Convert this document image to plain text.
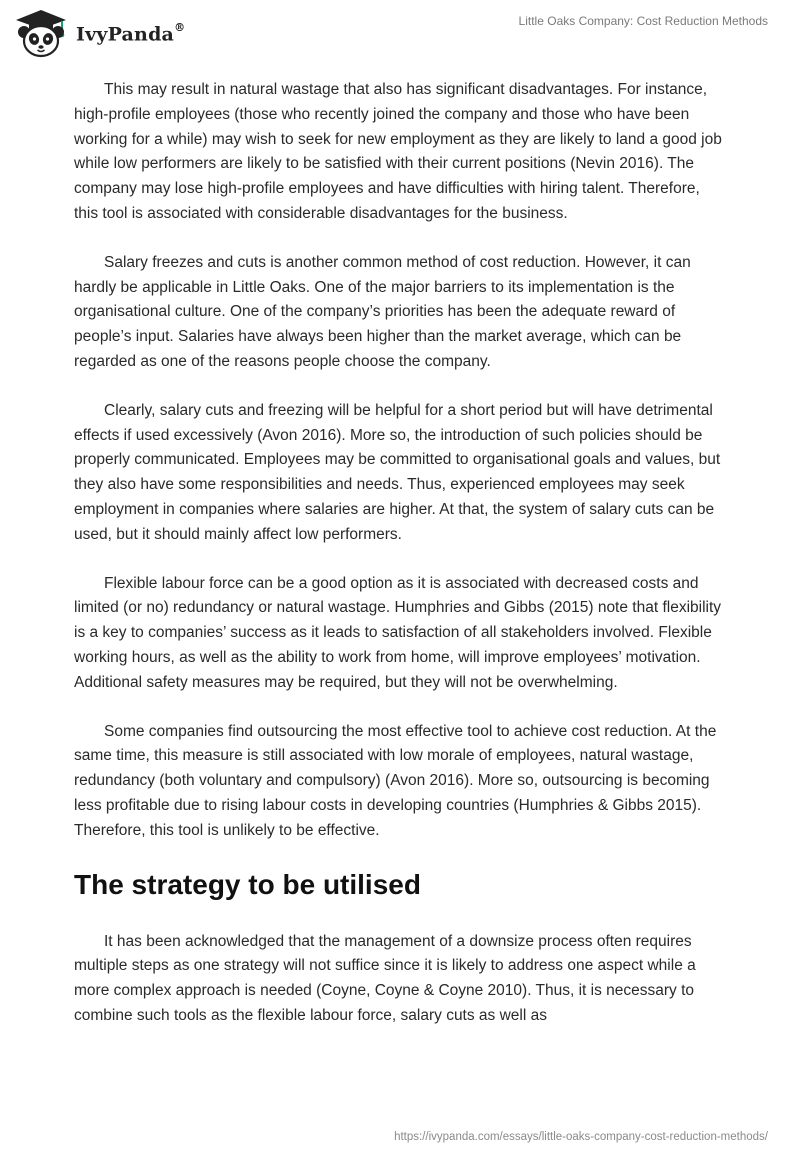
IvyPanda®	Little Oaks Company: Cost Reduction Methods

This may result in natural wastage that also has significant disadvantages. For instance, high-profile employees (those who recently joined the company and those who have been working for a while) may wish to seek for new employment as they are likely to land a good job while low performers are likely to be satisfied with their current positions (Nevin 2016). The company may lose high-profile employees and have difficulties with hiring talent. Therefore, this tool is associated with considerable disadvantages for the business.

Salary freezes and cuts is another common method of cost reduction. However, it can hardly be applicable in Little Oaks. One of the major barriers to its implementation is the organisational culture. One of the company’s priorities has been the adequate reward of people’s input. Salaries have always been higher than the market average, which can be regarded as one of the reasons people choose the company.

Clearly, salary cuts and freezing will be helpful for a short period but will have detrimental effects if used excessively (Avon 2016). More so, the introduction of such policies should be properly communicated. Employees may be committed to organisational goals and values, but they also have some responsibilities and needs. Thus, experienced employees may seek employment in companies where salaries are higher. At that, the system of salary cuts can be used, but it should mainly affect low performers.

Flexible labour force can be a good option as it is associated with decreased costs and limited (or no) redundancy or natural wastage. Humphries and Gibbs (2015) note that flexibility is a key to companies’ success as it leads to satisfaction of all stakeholders involved. Flexible working hours, as well as the ability to work from home, will improve employees’ motivation. Additional safety measures may be required, but they will not be overwhelming.

Some companies find outsourcing the most effective tool to achieve cost reduction. At the same time, this measure is still associated with low morale of employees, natural wastage, redundancy (both voluntary and compulsory) (Avon 2016). More so, outsourcing is becoming less profitable due to rising labour costs in developing countries (Humphries & Gibbs 2015). Therefore, this tool is unlikely to be effective.

The strategy to be utilised

It has been acknowledged that the management of a downsize process often requires multiple steps as one strategy will not suffice since it is likely to address one aspect while a more complex approach is needed (Coyne, Coyne & Coyne 2010). Thus, it is necessary to combine such tools as the flexible labour force, salary cuts as well as

https://ivypanda.com/essays/little-oaks-company-cost-reduction-methods/
